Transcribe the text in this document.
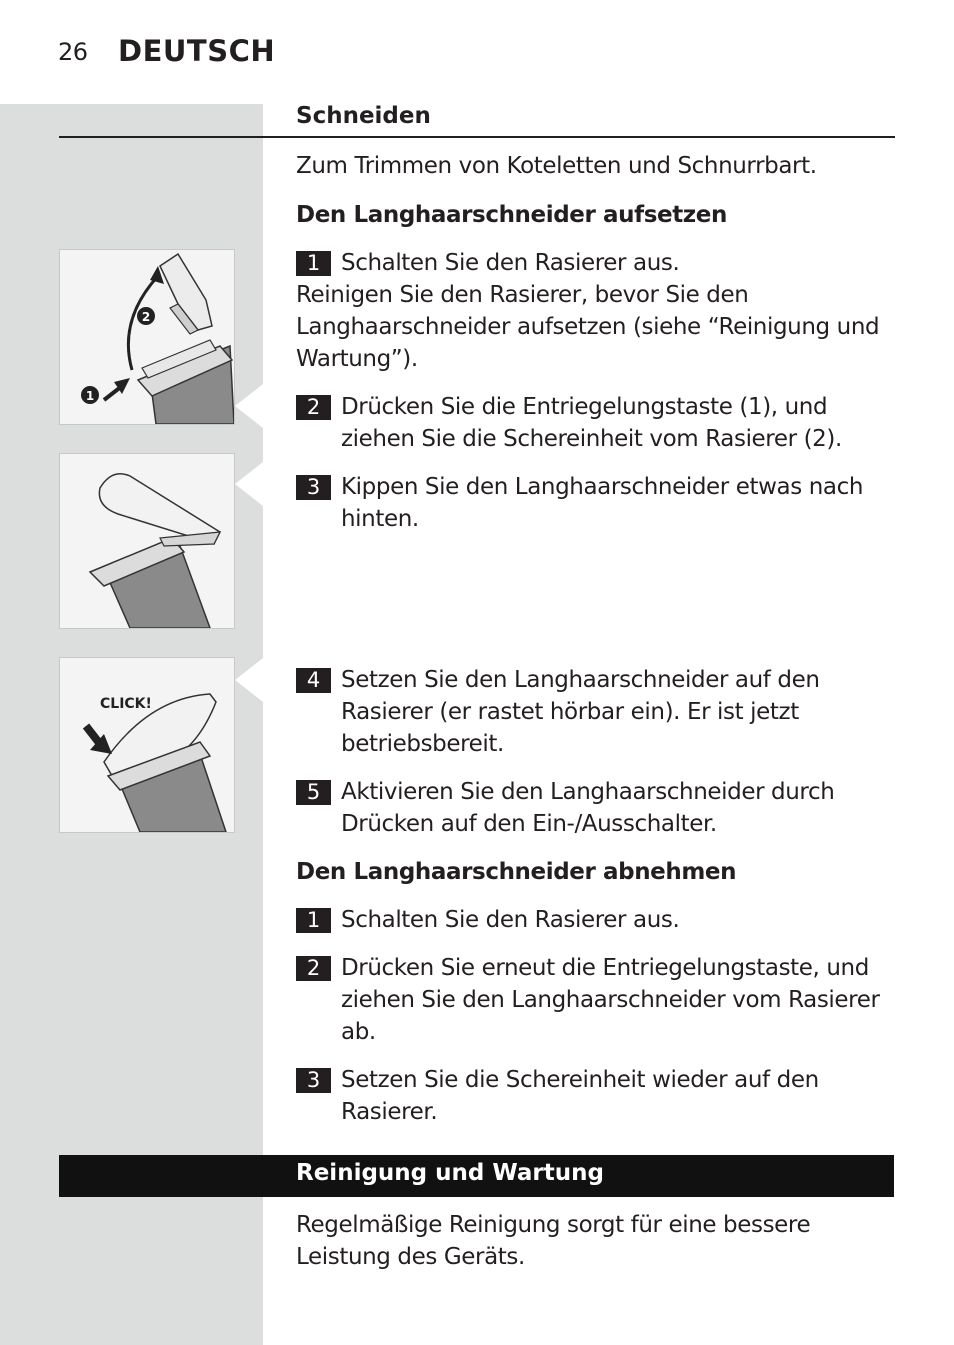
26 DEUTSCH
Schneiden
Zum Trimmen von Koteletten und Schnurrbart.
Den Langhaarschneider aufsetzen
1 Schalten Sie den Rasierer aus.
Reinigen Sie den Rasierer, bevor Sie den Langhaarschneider aufsetzen (siehe “Reinigung und Wartung”).
2 Drücken Sie die Entriegelungstaste (1), und ziehen Sie die Schereinheit vom Rasierer (2).
3 Kippen Sie den Langhaarschneider etwas nach hinten.
4 Setzen Sie den Langhaarschneider auf den Rasierer (er rastet hörbar ein). Er ist jetzt betriebsbereit.
5 Aktivieren Sie den Langhaarschneider durch Drücken auf den Ein-/Ausschalter.
Den Langhaarschneider abnehmen
1 Schalten Sie den Rasierer aus.
2 Drücken Sie erneut die Entriegelungstaste, und ziehen Sie den Langhaarschneider vom Rasierer ab.
3 Setzen Sie die Schereinheit wieder auf den Rasierer.
Reinigung und Wartung
Regelmäßige Reinigung sorgt für eine bessere Leistung des Geräts.
2
1
CLICK!
